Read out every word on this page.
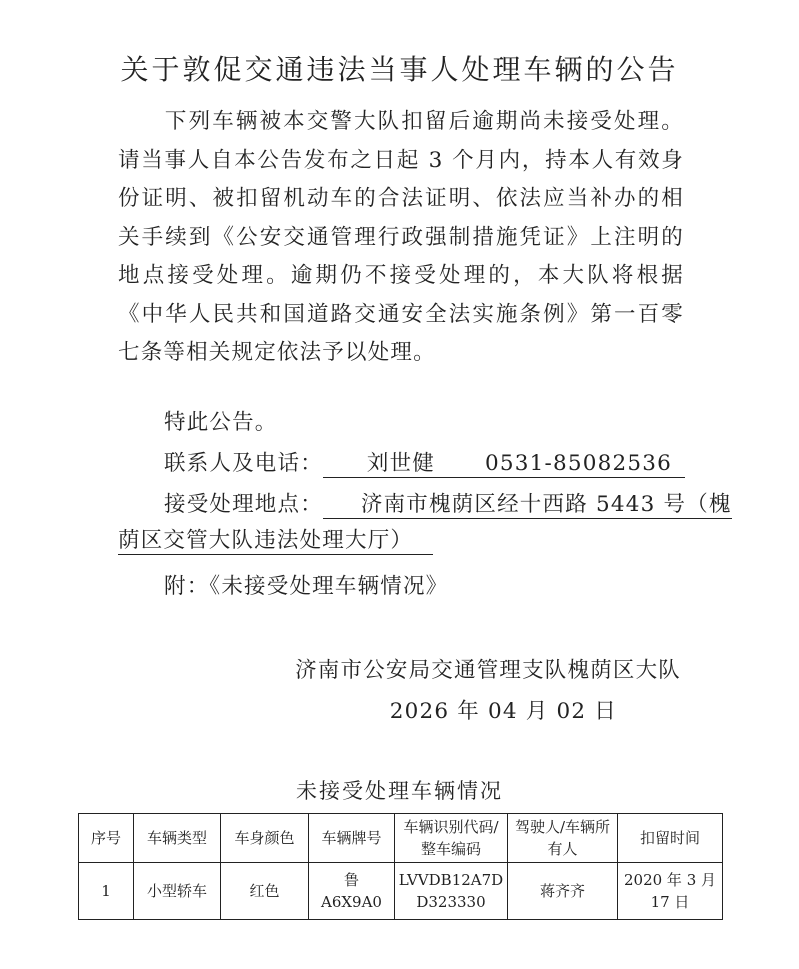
关于敦促交通违法当事人处理车辆的公告

下列车辆被本交警大队扣留后逾期尚未接受处理。请当事人自本公告发布之日起 3 个月内，持本人有效身份证明、被扣留机动车的合法证明、依法应当补办的相关手续到《公安交通管理行政强制措施凭证》上注明的地点接受处理。逾期仍不接受处理的，本大队将根据《中华人民共和国道路交通安全法实施条例》第一百零七条等相关规定依法予以处理。

特此公告。
联系人及电话： 刘世健 0531-85082536
接受处理地点： 济南市槐荫区经十西路 5443 号（槐
荫区交管大队违法处理大厅）
附：《未接受处理车辆情况》
济南市公安局交通管理支队槐荫区大队
2026 年 04 月 02 日
未接受处理车辆情况
序号	车辆类型	车身颜色	车辆牌号	车辆识别代码/整车编码	驾驶人/车辆所有人	扣留时间
1	小型轿车	红色	鲁 A6X9A0	LVVDB12A7DD323330	蒋齐齐	2020 年 3 月 17 日
